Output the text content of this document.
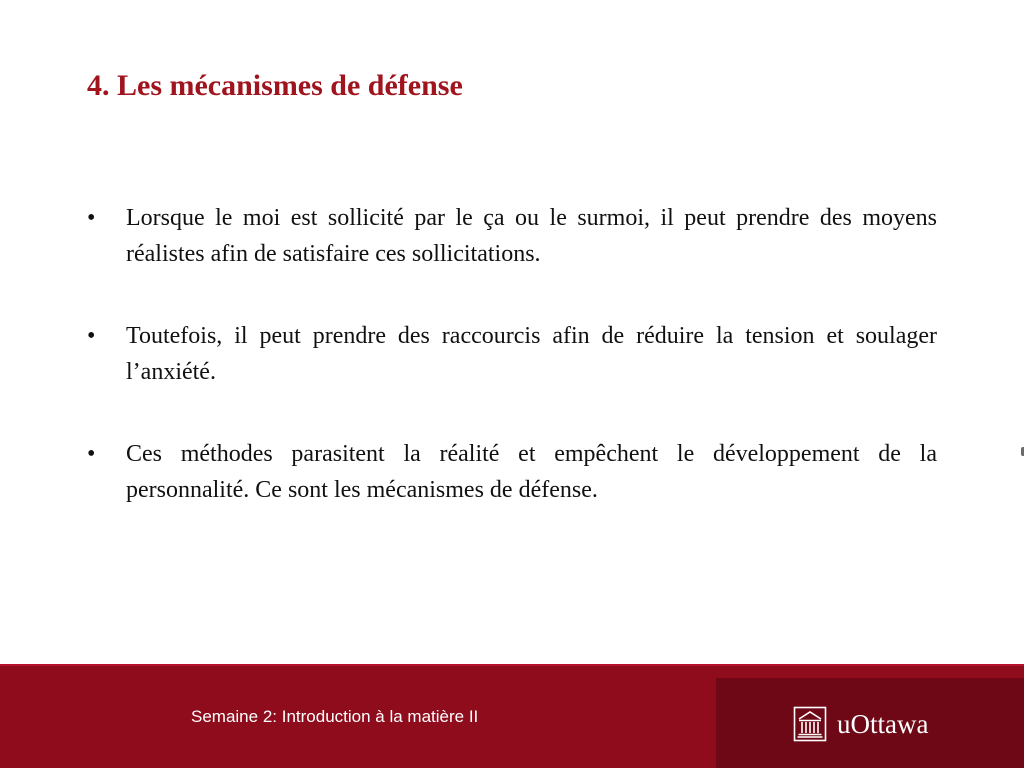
4. Les mécanismes de défense
•	Lorsque le moi est sollicité par le ça ou le surmoi, il peut prendre des moyens réalistes afin de satisfaire ces sollicitations.
•	Toutefois, il peut prendre des raccourcis afin de réduire la tension et soulager l’anxiété.
•	Ces méthodes parasitent la réalité et empêchent le développement de la personnalité. Ce sont les mécanismes de défense.
Semaine 2: Introduction à la matière II	uOttawa
